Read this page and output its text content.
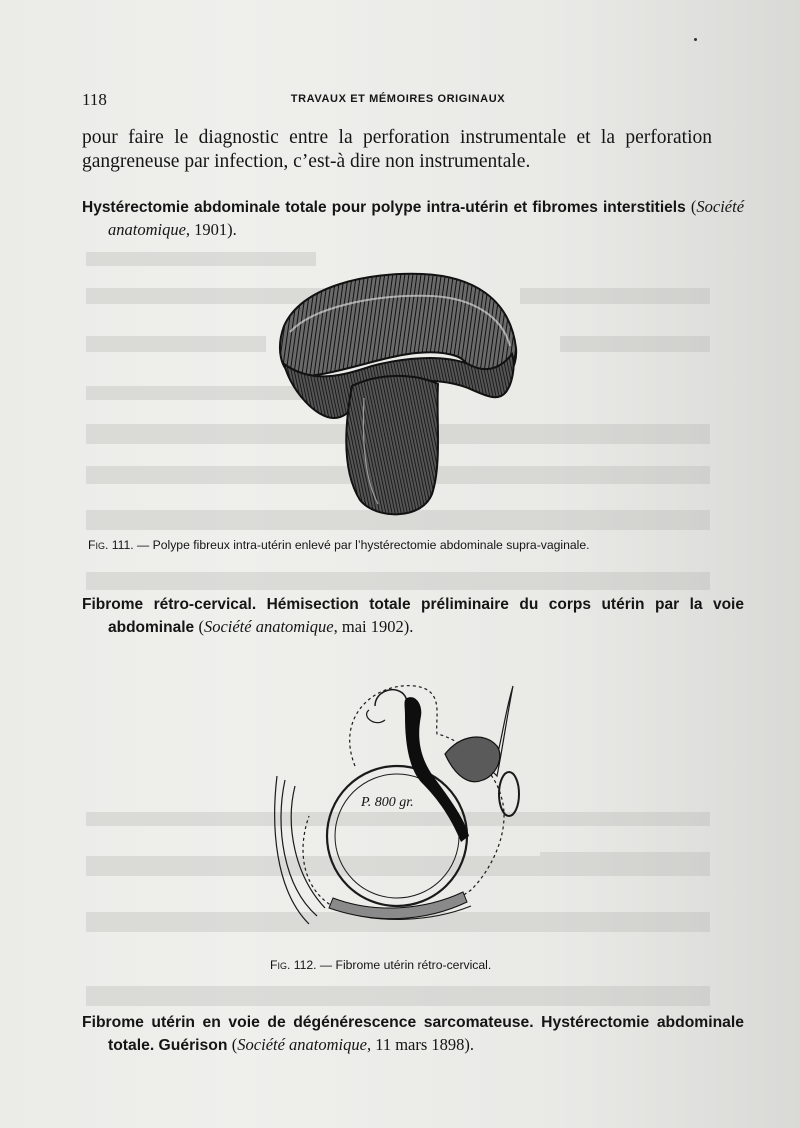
118	TRAVAUX ET MÉMOIRES ORIGINAUX

pour faire le diagnostic entre la perforation instrumentale et la perforation gangreneuse par infection, c’est-à dire non instrumentale.

Hystérectomie abdominale totale pour polype intra-utérin et fibromes interstitiels (Société anatomique, 1901).

Fig. 111. — Polype fibreux intra-utérin enlevé par l’hystérectomie abdominale supra-vaginale.

Fibrome rétro-cervical. Hémisection totale préliminaire du corps utérin par la voie abdominale (Société anatomique, mai 1902).

P. 800 gr.

Fig. 112. — Fibrome utérin rétro-cervical.

Fibrome utérin en voie de dégénérescence sarcomateuse. Hystérectomie abdominale totale. Guérison (Société anatomique, 11 mars 1898).
